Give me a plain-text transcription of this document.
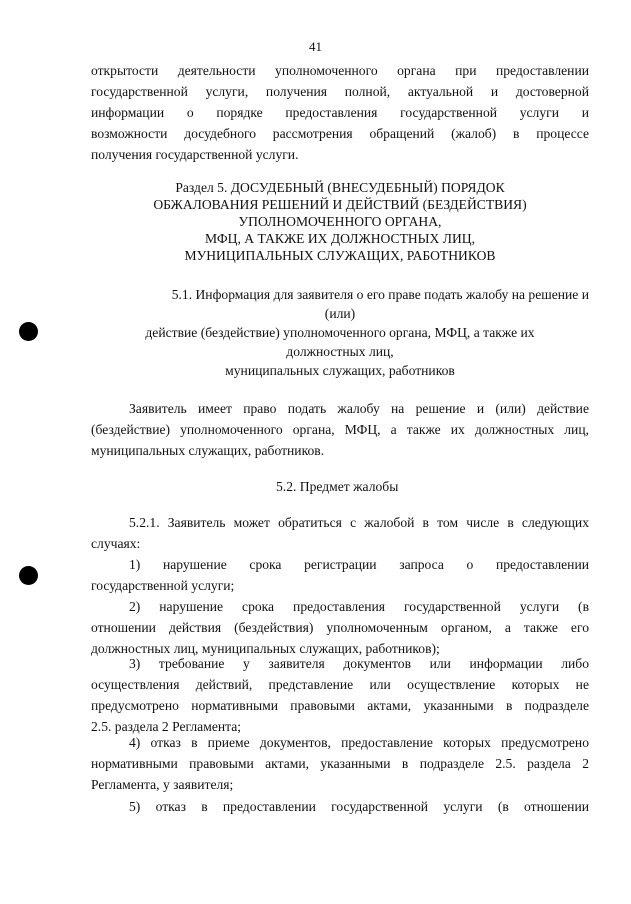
41

открытости деятельности уполномоченного органа при предоставлении

государственной услуги, получения полной, актуальной и достоверной

информации о порядке предоставления государственной услуги и

возможности досудебного рассмотрения обращений (жалоб) в процессе

получения государственной услуги.

Раздел 5. ДОСУДЕБНЫЙ (ВНЕСУДЕБНЫЙ) ПОРЯДОК

ОБЖАЛОВАНИЯ РЕШЕНИЙ И ДЕЙСТВИЙ (БЕЗДЕЙСТВИЯ)

УПОЛНОМОЧЕННОГО ОРГАНА,

МФЦ, А ТАКЖЕ ИХ ДОЛЖНОСТНЫХ ЛИЦ,

МУНИЦИПАЛЬНЫХ СЛУЖАЩИХ, РАБОТНИКОВ

5.1. Информация для заявителя о его праве подать жалобу на решение и

(или)

действие (бездействие) уполномоченного органа, МФЦ, а также их

должностных лиц,

муниципальных служащих, работников

Заявитель имеет право подать жалобу на решение и (или) действие

(бездействие) уполномоченного органа, МФЦ, а также их должностных лиц,

муниципальных служащих, работников.

5.2. Предмет жалобы

5.2.1. Заявитель может обратиться с жалобой в том числе в следующих

случаях:

1) нарушение срока регистрации запроса о предоставлении

государственной услуги;

2) нарушение срока предоставления государственной услуги (в

отношении действия (бездействия) уполномоченным органом, а также его

должностных лиц, муниципальных служащих, работников);

3) требование у заявителя документов или информации либо

осуществления действий, представление или осуществление которых не

предусмотрено нормативными правовыми актами, указанными в подразделе

2.5. раздела 2 Регламента;

4) отказ в приеме документов, предоставление которых предусмотрено

нормативными правовыми актами, указанными в подразделе 2.5. раздела 2

Регламента, у заявителя;

5) отказ в предоставлении государственной услуги (в отношении
